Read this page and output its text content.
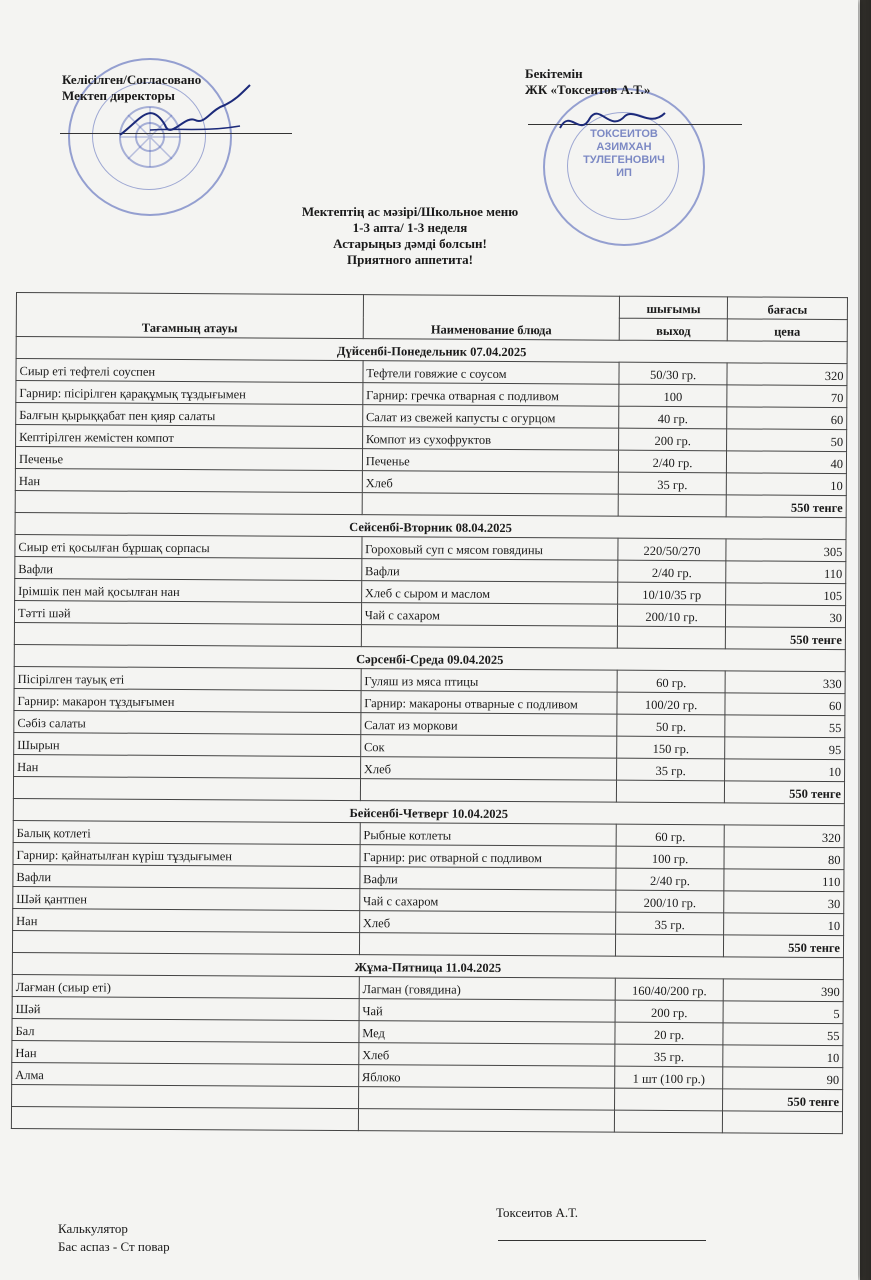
Келісілген/Согласовано
Мектеп директоры
ТОКСЕИТОВ
АЗИМХАН
ТУЛЕГЕНОВИЧ
ИП
Бекітемін
ЖК «Токсеитов А.Т.»
Мектептің ас мәзірі/Школьное меню
1-3 апта/ 1-3 неделя
Астарыңыз дәмді болсын!
Приятного аппетита!
Тағамның атауы	Наименование блюда	шығымы	бағасы
		выход	цена
Дүйсенбі-Понедельник 07.04.2025			
Сиыр еті тефтелі соуспен	Тефтели говяжие с соусом	50/30 гр.	320
Гарнир: пісірілген қарақұмық тұздығымен	Гарнир: гречка отварная с подливом	100	70
Балғын қырыққабат пен қияр салаты	Салат из свежей капусты с огурцом	40 гр.	60
Кептірілген жемістен компот	Компот из сухофруктов	200 гр.	50
Печенье	Печенье	2/40 гр.	40
Нан	Хлеб	35 гр.	10
			550 тенге
Сейсенбі-Вторник 08.04.2025			
Сиыр еті қосылған бұршақ сорпасы	Гороховый суп с мясом говядины	220/50/270	305
Вафли	Вафли	2/40 гр.	110
Ірімшік пен май қосылған нан	Хлеб с сыром и маслом	10/10/35 гр	105
Тәтті шәй	Чай с сахаром	200/10 гр.	30
			550 тенге
Сәрсенбі-Среда 09.04.2025			
Пісірілген тауық еті	Гуляш из мяса птицы	60 гр.	330
Гарнир: макарон тұздығымен	Гарнир: макароны отварные с подливом	100/20 гр.	60
Сәбіз салаты	Салат из моркови	50 гр.	55
Шырын	Сок	150 гр.	95
Нан	Хлеб	35 гр.	10
			550 тенге
Бейсенбі-Четверг 10.04.2025			
Балық котлеті	Рыбные котлеты	60 гр.	320
Гарнир: қайнатылған күріш тұздығымен	Гарнир: рис отварной с подливом	100 гр.	80
Вафли	Вафли	2/40 гр.	110
Шәй қантпен	Чай с сахаром	200/10 гр.	30
Нан	Хлеб	35 гр.	10
			550 тенге
Жұма-Пятница 11.04.2025			
Лағман (сиыр еті)	Лагман (говядина)	160/40/200 гр.	390
Шәй	Чай	200 гр.	5
Бал	Мед	20 гр.	55
Нан	Хлеб	35 гр.	10
Алма	Яблоко	1 шт (100 гр.)	90
			550 тенге

Калькулятор
Бас аспаз - Ст повар
Токсеитов А.Т.
